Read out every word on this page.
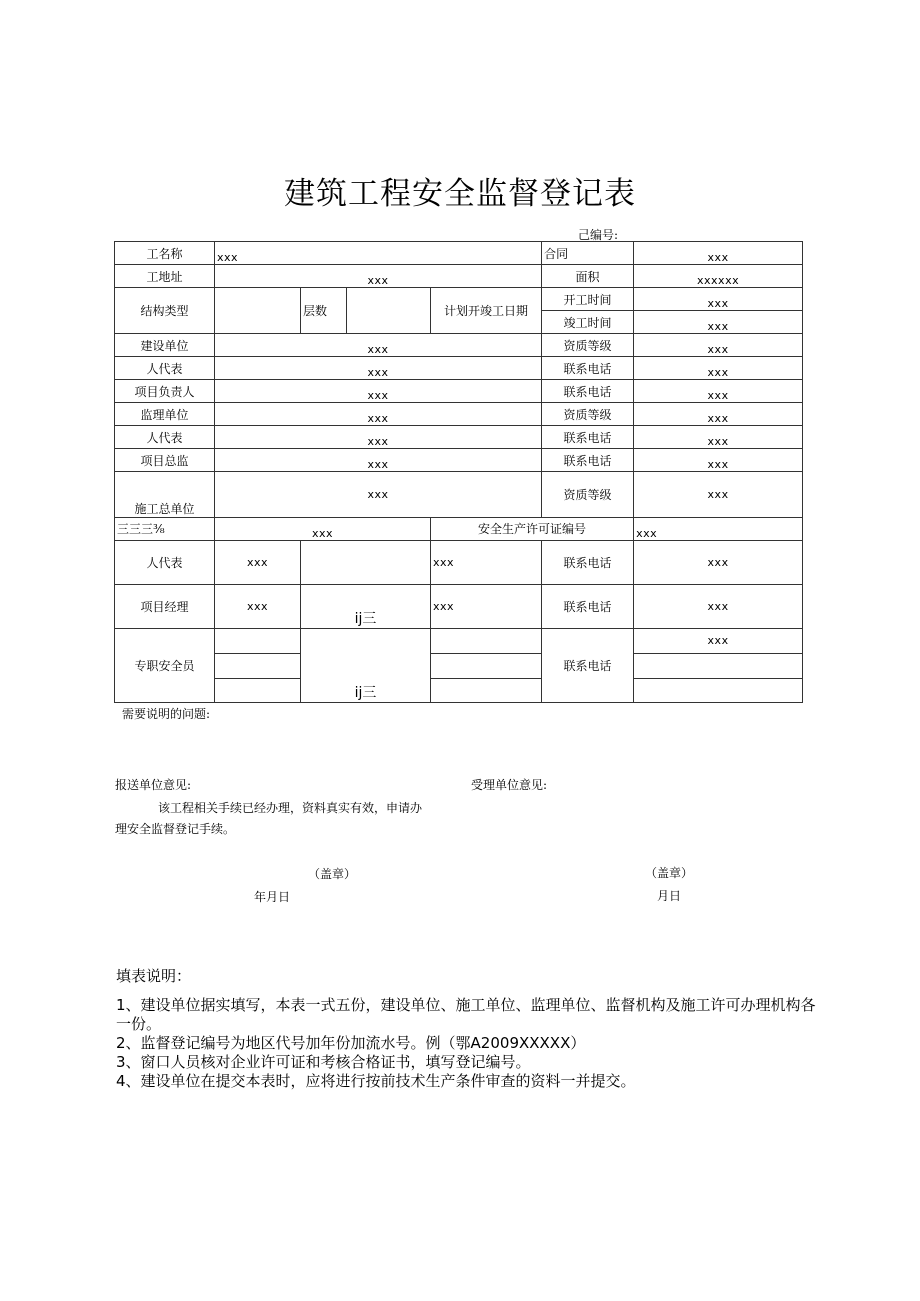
建筑工程安全监督登记表
己编号:
工名称	xxx				合同	xxx
工地址	xxx				面积	xxxxxx
结构类型		层数		计划开竣工日期	开工时间	xxx
					竣工时间	xxx
建设单位	xxx				资质等级	xxx
人代表	xxx				联系电话	xxx
项目负责人	xxx				联系电话	xxx
监理单位	xxx				资质等级	xxx
人代表	xxx				联系电话	xxx
项目总监	xxx				联系电话	xxx
施工总单位	xxx				资质等级	xxx
三三三⅜	xxx			安全生产许可证编号		xxx
人代表	xxx			xxx	联系电话	xxx
项目经理	xxx	ij三		xxx	联系电话	xxx
专职安全员		ij三			联系电话	xxx

需要说明的问题:
报送单位意见:	受理单位意见:
该工程相关手续已经办理，资料真实有效，申请办
理安全监督登记手续。
（盖章）
年月日
（盖章）
月日
填表说明：
1、建设单位据实填写，本表一式五份，建设单位、施工单位、监理单位、监督机构及施工许可办理机构各一份。
2、监督登记编号为地区代号加年份加流水号。例（鄂A2009XXXXX）
3、窗口人员核对企业许可证和考核合格证书，填写登记编号。
4、建设单位在提交本表时，应将进行按前技术生产条件审查的资料一并提交。
